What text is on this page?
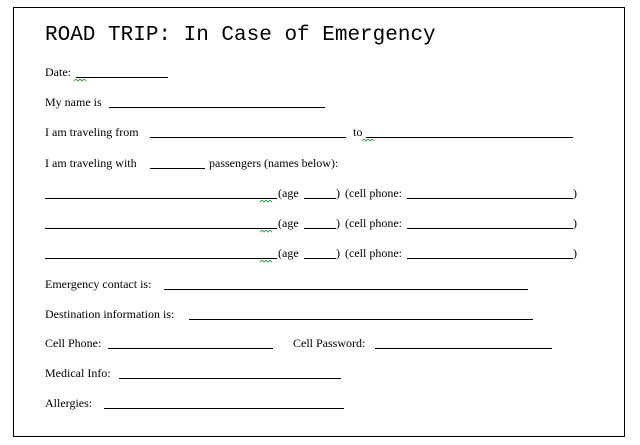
ROAD TRIP: In Case of Emergency
Date:
My name is
I am traveling from	to
I am traveling with	passengers (names below):
(age	) (cell phone:	)
(age	) (cell phone:	)
(age	) (cell phone:	)
Emergency contact is:
Destination information is:
Cell Phone:	Cell Password:
Medical Info:
Allergies:
